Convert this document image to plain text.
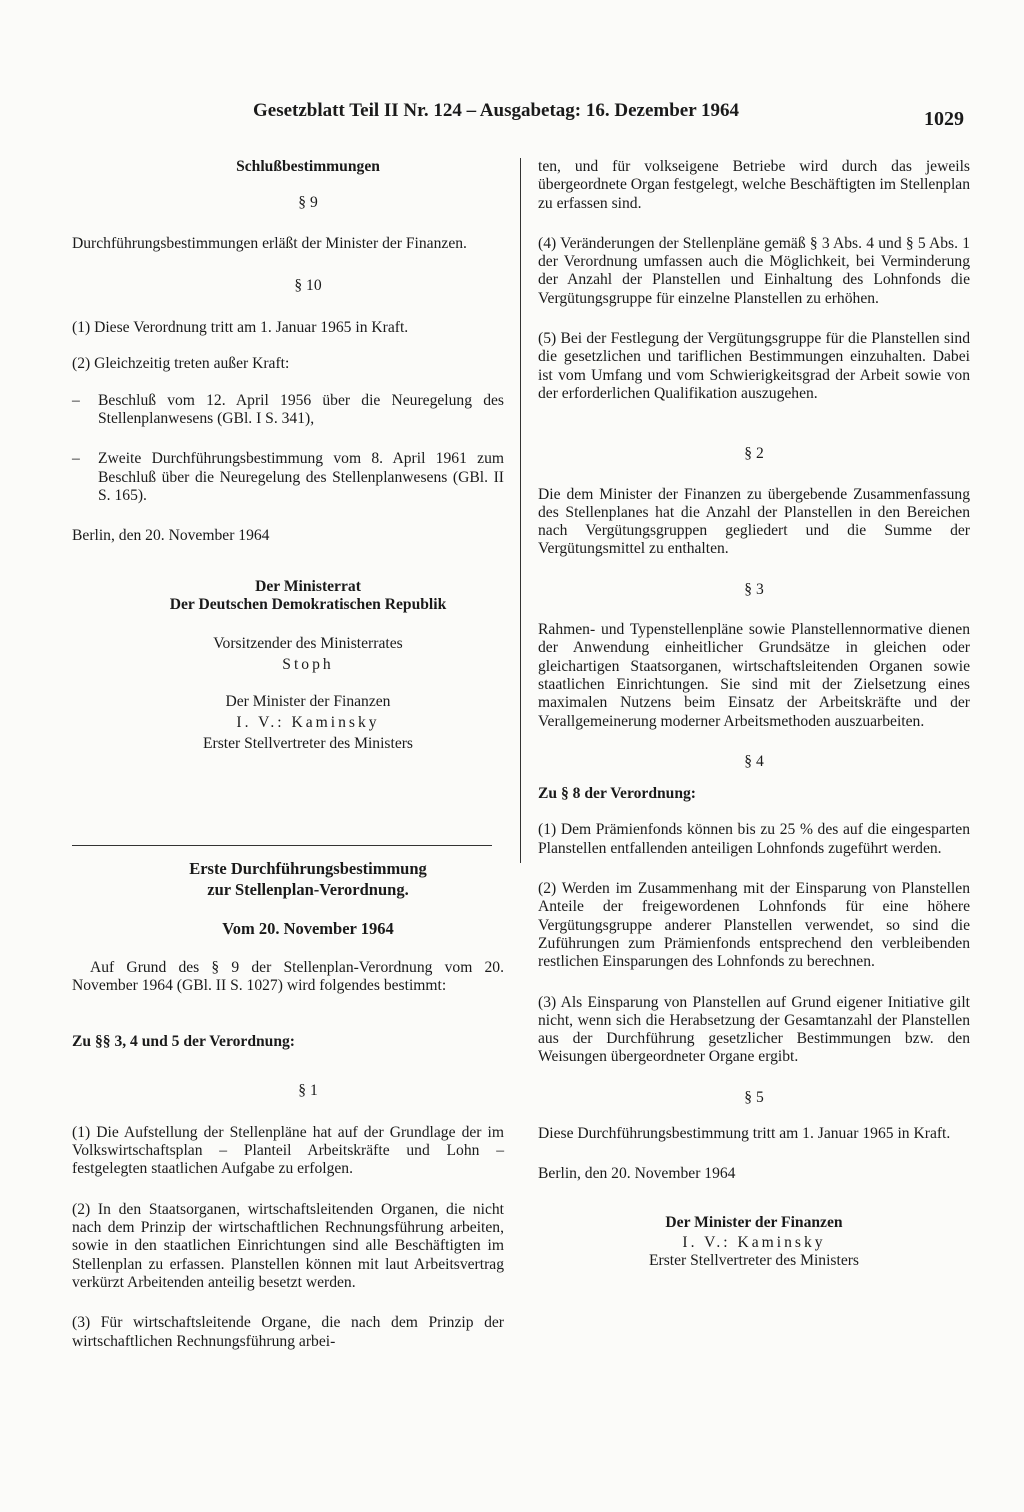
Gesetzblatt Teil II Nr. 124 – Ausgabetag: 16. Dezember 1964	1029

Schlußbestimmungen

§ 9

Durchführungsbestimmungen erläßt der Minister der Finanzen.

§ 10

(1) Diese Verordnung tritt am 1. Januar 1965 in Kraft.

(2) Gleichzeitig treten außer Kraft:

–	Beschluß vom 12. April 1956 über die Neuregelung des Stellenplanwesens (GBl. I S. 341),

–	Zweite Durchführungsbestimmung vom 8. April 1961 zum Beschluß über die Neuregelung des Stellenplanwesens (GBl. II S. 165).

Berlin, den 20. November 1964

Der Ministerrat

Der Deutschen Demokratischen Republik

Vorsitzender des Ministerrates

Stoph

Der Minister der Finanzen

I. V.: Kaminsky

Erster Stellvertreter des Ministers

Erste Durchführungsbestimmung

zur Stellenplan-Verordnung.

Vom 20. November 1964

Auf Grund des § 9 der Stellenplan-Verordnung vom 20. November 1964 (GBl. II S. 1027) wird folgendes bestimmt:

Zu §§ 3, 4 und 5 der Verordnung:

§ 1

(1) Die Aufstellung der Stellenpläne hat auf der Grundlage der im Volkswirtschaftsplan – Planteil Arbeitskräfte und Lohn – festgelegten staatlichen Aufgabe zu erfolgen.

(2) In den Staatsorganen, wirtschaftsleitenden Organen, die nicht nach dem Prinzip der wirtschaftlichen Rechnungsführung arbeiten, sowie in den staatlichen Einrichtungen sind alle Beschäftigten im Stellenplan zu erfassen. Planstellen können mit laut Arbeitsvertrag verkürzt Arbeitenden anteilig besetzt werden.

(3) Für wirtschaftsleitende Organe, die nach dem Prinzip der wirtschaftlichen Rechnungsführung arbei-

ten, und für volkseigene Betriebe wird durch das jeweils übergeordnete Organ festgelegt, welche Beschäftigten im Stellenplan zu erfassen sind.

(4) Veränderungen der Stellenpläne gemäß § 3 Abs. 4 und § 5 Abs. 1 der Verordnung umfassen auch die Möglichkeit, bei Verminderung der Anzahl der Planstellen und Einhaltung des Lohnfonds die Vergütungsgruppe für einzelne Planstellen zu erhöhen.

(5) Bei der Festlegung der Vergütungsgruppe für die Planstellen sind die gesetzlichen und tariflichen Bestimmungen einzuhalten. Dabei ist vom Umfang und vom Schwierigkeitsgrad der Arbeit sowie von der erforderlichen Qualifikation auszugehen.

§ 2

Die dem Minister der Finanzen zu übergebende Zusammenfassung des Stellenplanes hat die Anzahl der Planstellen in den Bereichen nach Vergütungsgruppen gegliedert und die Summe der Vergütungsmittel zu enthalten.

§ 3

Rahmen- und Typenstellenpläne sowie Planstellennormative dienen der Anwendung einheitlicher Grundsätze in gleichen oder gleichartigen Staatsorganen, wirtschaftsleitenden Organen sowie staatlichen Einrichtungen. Sie sind mit der Zielsetzung eines maximalen Nutzens beim Einsatz der Arbeitskräfte und der Verallgemeinerung moderner Arbeitsmethoden auszuarbeiten.

§ 4

Zu § 8 der Verordnung:

(1) Dem Prämienfonds können bis zu 25 % des auf die eingesparten Planstellen entfallenden anteiligen Lohnfonds zugeführt werden.

(2) Werden im Zusammenhang mit der Einsparung von Planstellen Anteile der freigewordenen Lohnfonds für eine höhere Vergütungsgruppe anderer Planstellen verwendet, so sind die Zuführungen zum Prämienfonds entsprechend den verbleibenden restlichen Einsparungen des Lohnfonds zu berechnen.

(3) Als Einsparung von Planstellen auf Grund eigener Initiative gilt nicht, wenn sich die Herabsetzung der Gesamtanzahl der Planstellen aus der Durchführung gesetzlicher Bestimmungen bzw. den Weisungen übergeordneter Organe ergibt.

§ 5

Diese Durchführungsbestimmung tritt am 1. Januar 1965 in Kraft.

Berlin, den 20. November 1964

Der Minister der Finanzen

I. V.: Kaminsky

Erster Stellvertreter des Ministers
